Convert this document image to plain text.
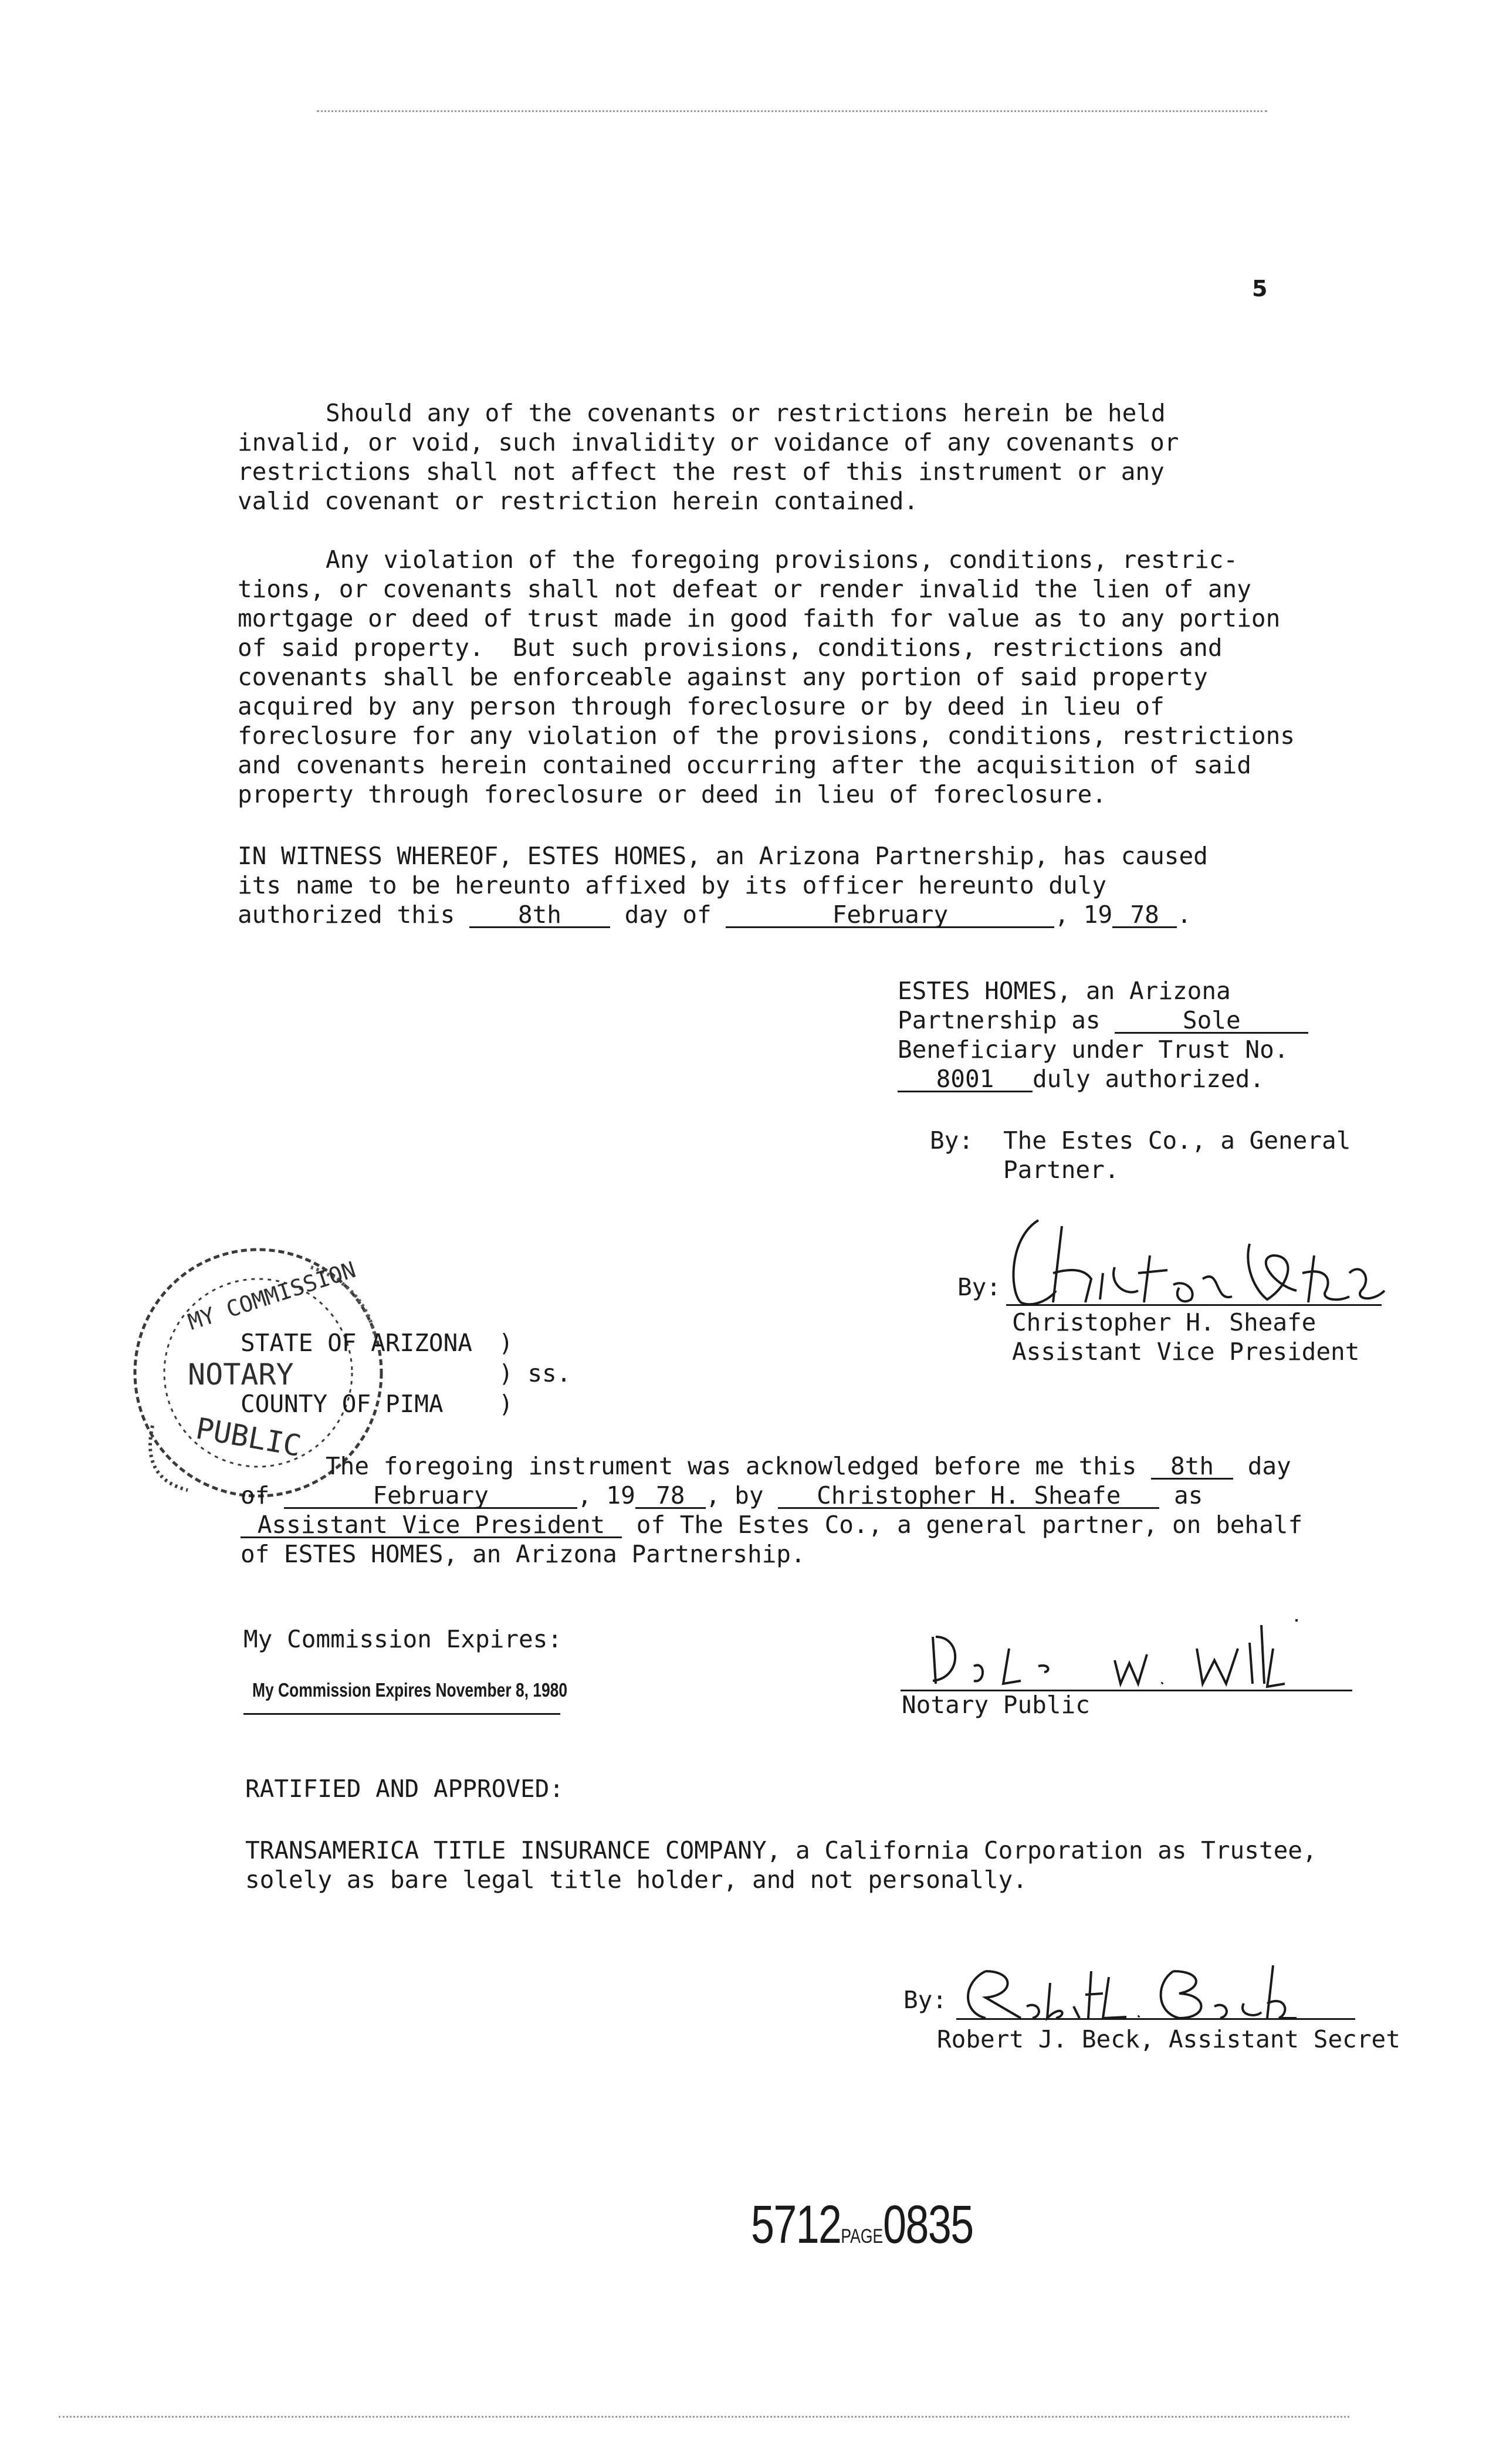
5
Should any of the covenants or restrictions herein be held
invalid, or void, such invalidity or voidance of any covenants or
restrictions shall not affect the rest of this instrument or any
valid covenant or restriction herein contained.
Any violation of the foregoing provisions, conditions, restric-
tions, or covenants shall not defeat or render invalid the lien of any
mortgage or deed of trust made in good faith for value as to any portion
of said property.  But such provisions, conditions, restrictions and
covenants shall be enforceable against any portion of said property
acquired by any person through foreclosure or by deed in lieu of
foreclosure for any violation of the provisions, conditions, restrictions
and covenants herein contained occurring after the acquisition of said
property through foreclosure or deed in lieu of foreclosure.
IN WITNESS WHEREOF, ESTES HOMES, an Arizona Partnership, has caused
its name to be hereunto affixed by its officer hereunto duly
authorized this	8th	day of	February	, 19 78 .
ESTES HOMES, an Arizona
Partnership as	Sole
Beneficiary under Trust No.
8001 duly authorized.
By: The Estes Co., a General
Partner.
By:
Christopher H. Sheafe
Assistant Vice President
MY COMMISSION
NOTARY
PUBLIC
STATE OF ARIZONA )
) ss.
COUNTY OF PIMA )
The foregoing instrument was acknowledged before me this 8th day
of	February	, 19 78 , by Christopher H. Sheafe as
Assistant Vice President of The Estes Co., a general partner, on behalf
of ESTES HOMES, an Arizona Partnership.
My Commission Expires:
My Commission Expires November 8, 1980
Notary Public
RATIFIED AND APPROVED:
TRANSAMERICA TITLE INSURANCE COMPANY, a California Corporation as Trustee,
solely as bare legal title holder, and not personally.
By:
Robert J. Beck, Assistant Secret
5712PAGE0835
